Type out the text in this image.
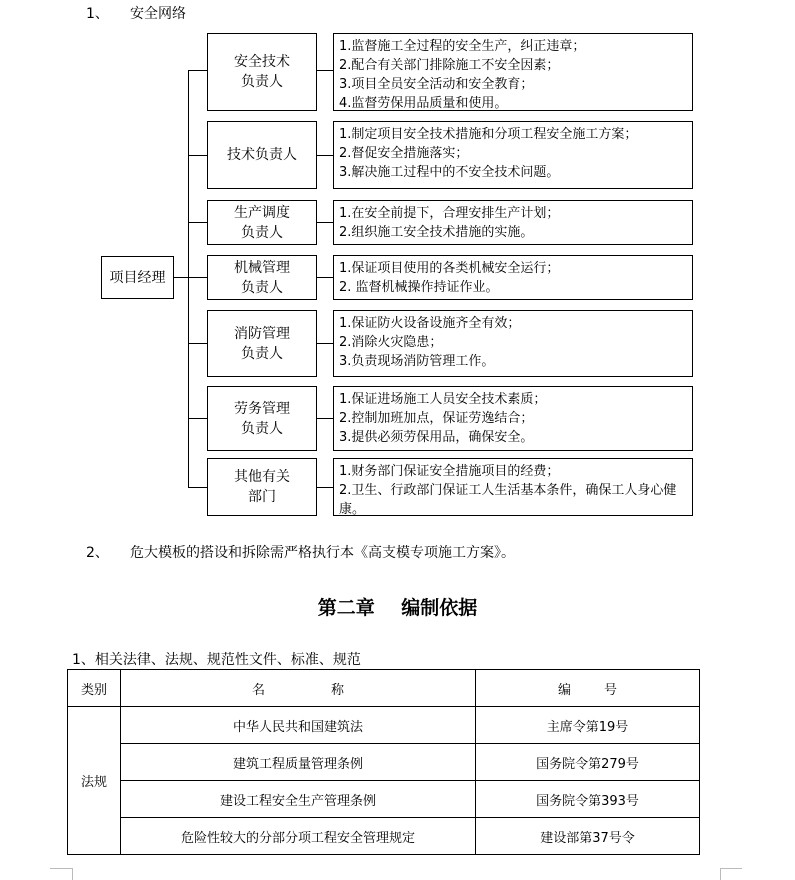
1、 安全网络
项目经理
安全技术
负责人
1.监督施工全过程的安全生产，纠正违章；
2.配合有关部门排除施工不安全因素；
3.项目全员安全活动和安全教育；
4.监督劳保用品质量和使用。
技术负责人
1.制定项目安全技术措施和分项工程安全施工方案；
2.督促安全措施落实；
3.解决施工过程中的不安全技术问题。
生产调度
负责人
1.在安全前提下，合理安排生产计划；
2.组织施工安全技术措施的实施。
机械管理
负责人
1.保证项目使用的各类机械安全运行；
2. 监督机械操作持证作业。
消防管理
负责人
1.保证防火设备设施齐全有效；
2.消除火灾隐患；
3.负责现场消防管理工作。
劳务管理
负责人
1.保证进场施工人员安全技术素质；
2.控制加班加点，保证劳逸结合；
3.提供必须劳保用品，确保安全。
其他有关
部门
1.财务部门保证安全措施项目的经费；
2.卫生、行政部门保证工人生活基本条件，确保工人身心健康。
2、 危大模板的搭设和拆除需严格执行本《高支模专项施工方案》。
第二章    编制依据
1、相关法律、法规、规范性文件、标准、规范
类别	名                称	编        号
法规	中华人民共和国建筑法	主席令第19号
	建筑工程质量管理条例	国务院令第279号
	建设工程安全生产管理条例	国务院令第393号
	危险性较大的分部分项工程安全管理规定	建设部第37号令
